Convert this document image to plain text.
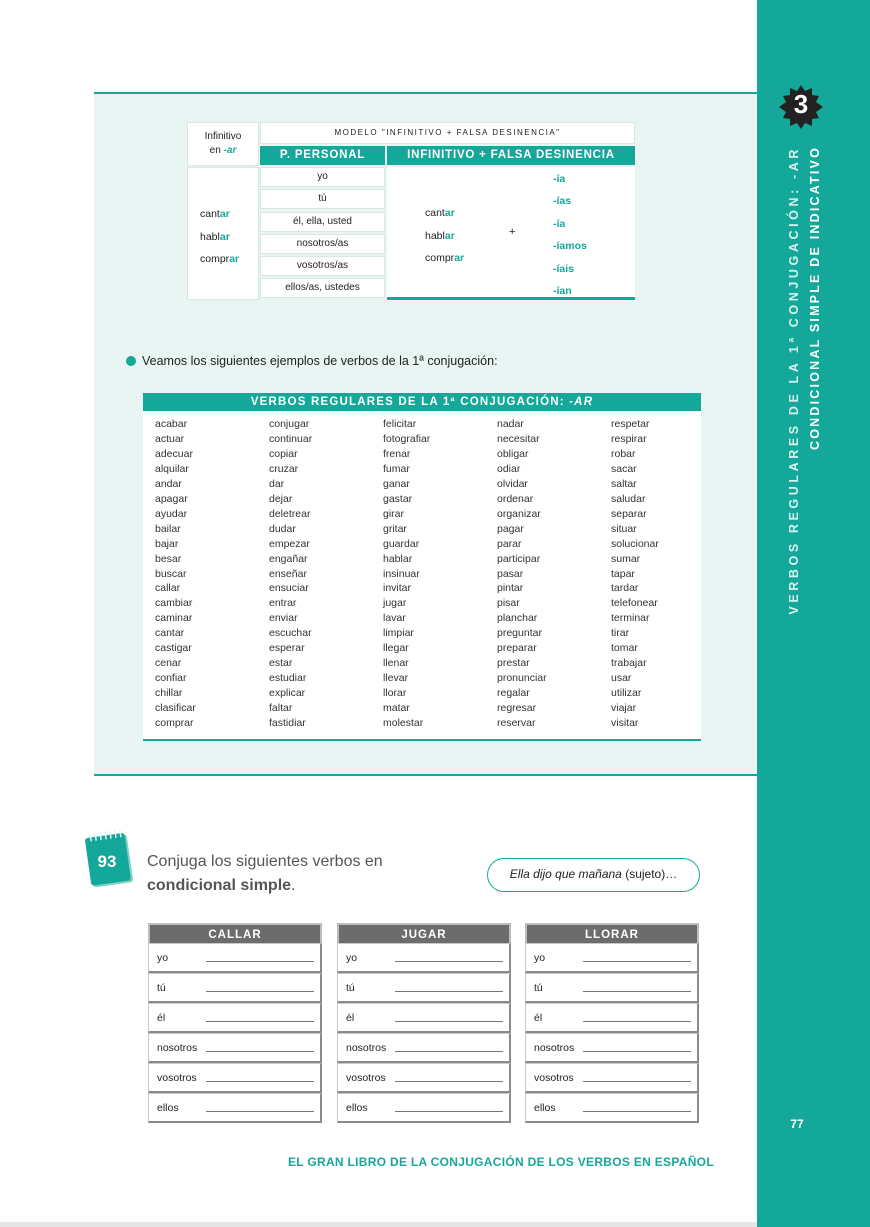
3
VERBOS REGULARES DE LA 1ª CONJUGACIÓN: -AR CONDICIONAL SIMPLE DE INDICATIVO
77
Infinitivo
en -ar
MODELO "INFINITIVO + FALSA DESINENCIA"
P. PERSONAL	INFINITIVO + FALSA DESINENCIA
cantar
hablar
comprar
yo
tú
él, ella, usted
nosotros/as
vosotros/as
ellos/as, ustedes
cantar
hablar
comprar
+
-ía
-ías
-ía
-íamos
-íais
-ían
Veamos los siguientes ejemplos de verbos de la 1ª conjugación:
VERBOS REGULARES DE LA 1ª CONJUGACIÓN: -AR
acabar
actuar
adecuar
alquilar
andar
apagar
ayudar
bailar
bajar
besar
buscar
callar
cambiar
caminar
cantar
castigar
cenar
confiar
chillar
clasificar
comprar
conjugar
continuar
copiar
cruzar
dar
dejar
deletrear
dudar
empezar
engañar
enseñar
ensuciar
entrar
enviar
escuchar
esperar
estar
estudiar
explicar
faltar
fastidiar
felicitar
fotografiar
frenar
fumar
ganar
gastar
girar
gritar
guardar
hablar
insinuar
invitar
jugar
lavar
limpiar
llegar
llenar
llevar
llorar
matar
molestar
nadar
necesitar
obligar
odiar
olvidar
ordenar
organizar
pagar
parar
participar
pasar
pintar
pisar
planchar
preguntar
preparar
prestar
pronunciar
regalar
regresar
reservar
respetar
respirar
robar
sacar
saltar
saludar
separar
situar
solucionar
sumar
tapar
tardar
telefonear
terminar
tirar
tomar
trabajar
usar
utilizar
viajar
visitar
93 Conjuga los siguientes verbos en
condicional simple.
Ella dijo que mañana (sujeto)…
CALLAR
yo
tú
él
nosotros
vosotros
ellos
JUGAR
yo
tú
él
nosotros
vosotros
ellos
LLORAR
yo
tú
él
nosotros
vosotros
ellos
EL GRAN LIBRO DE LA CONJUGACIÓN DE LOS VERBOS EN ESPAÑOL
